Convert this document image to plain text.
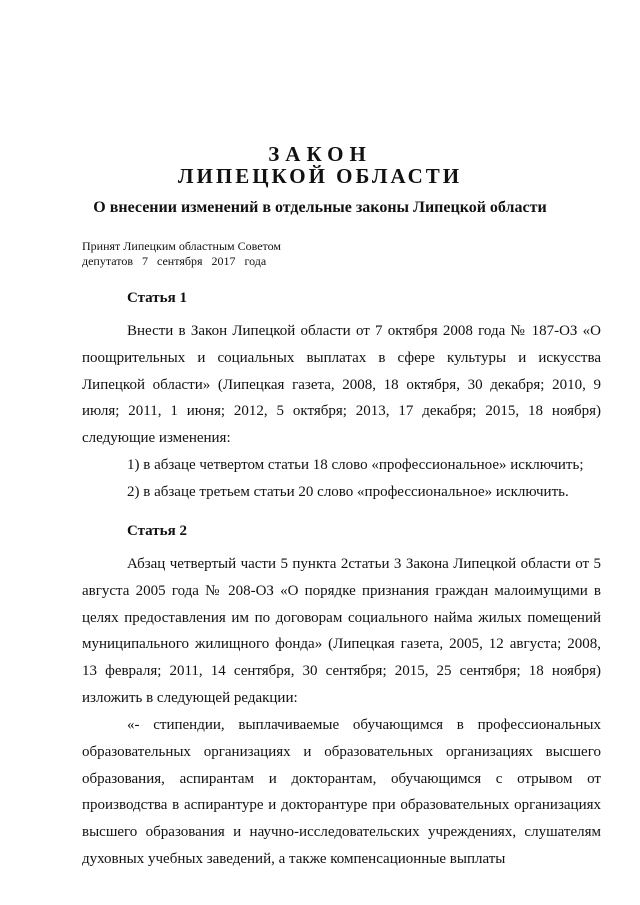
ЗАКОН
ЛИПЕЦКОЙ ОБЛАСТИ
О внесении изменений в отдельные законы Липецкой области
Принят Липецким областным Советом
депутатов   7   сентября   2017   года
Статья 1

Внести в Закон Липецкой области от 7 октября 2008 года № 187-ОЗ «О поощрительных и социальных выплатах в сфере культуры и искусства Липецкой области» (Липецкая газета, 2008, 18 октября, 30 декабря; 2010, 9 июля; 2011, 1 июня; 2012, 5 октября; 2013, 17 декабря; 2015, 18 ноября) следующие изменения:

1) в абзаце четвертом статьи 18 слово «профессиональное» исключить;
2) в абзаце третьем статьи 20 слово «профессиональное» исключить.
Статья 2

Абзац четвертый части 5 пункта 2статьи 3 Закона Липецкой области от 5 августа 2005 года № 208-ОЗ «О порядке признания граждан малоимущими в целях предоставления им по договорам социального найма жилых помещений муниципального жилищного фонда» (Липецкая газета, 2005, 12 августа; 2008, 13 февраля; 2011, 14 сентября, 30 сентября; 2015, 25 сентября; 18 ноября) изложить в следующей редакции:

«- стипендии, выплачиваемые обучающимся в профессиональных образовательных организациях и образовательных организациях высшего образования, аспирантам и докторантам, обучающимся с отрывом от производства в аспирантуре и докторантуре при образовательных организациях высшего образования и научно-исследовательских учреждениях, слушателям духовных учебных заведений, а также компенсационные выплаты
